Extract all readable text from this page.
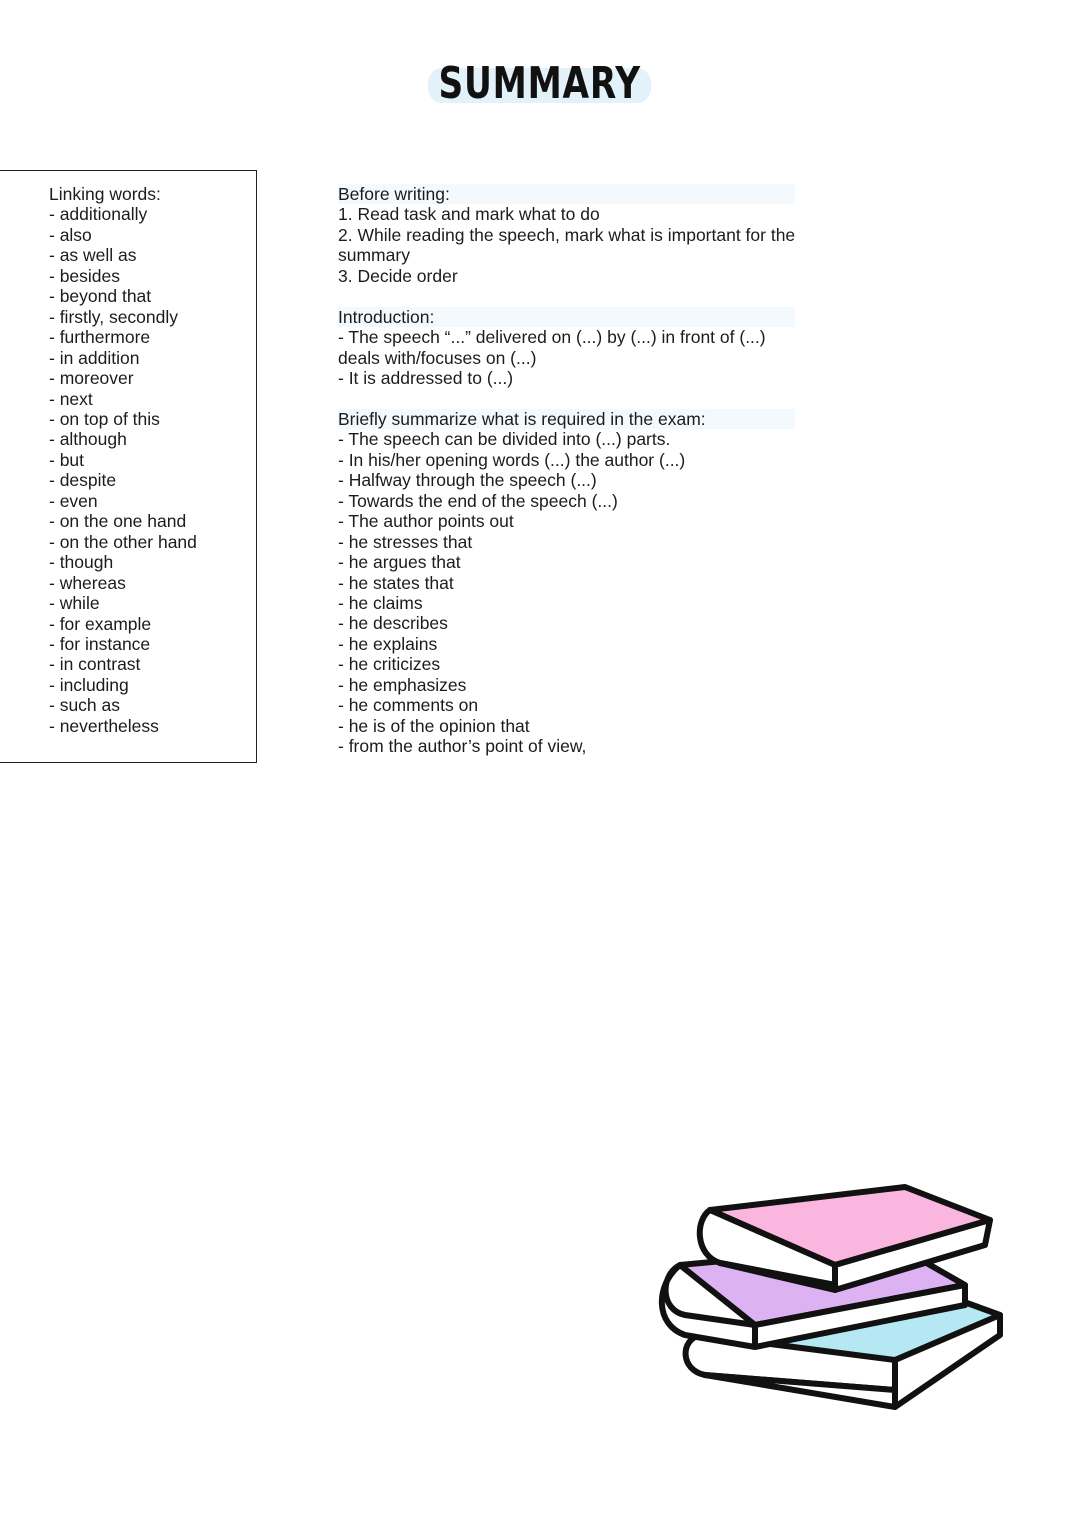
SUMMARY
Linking words:
- additionally
- also
- as well as
- besides
- beyond that
- firstly, secondly
- furthermore
- in addition
- moreover
- next
- on top of this
- although
- but
- despite
- even
- on the one hand
- on the other hand
- though
- whereas
- while
- for example
- for instance
- in contrast
- including
- such as
- nevertheless
Before writing:
1. Read task and mark what to do
2. While reading the speech, mark what is important for the
summary
3. Decide order
Introduction:
- The speech “...” delivered on (...) by (...) in front of (...)
deals with/focuses on (...)
- It is addressed to (...)
Briefly summarize what is required in the exam:
- The speech can be divided into (...) parts.
- In his/her opening words (...) the author (...)
- Halfway through the speech (...)
- Towards the end of the speech (...)
- The author points out
- he stresses that
- he argues that
- he states that
- he claims
- he describes
- he explains
- he criticizes
- he emphasizes
- he comments on
- he is of the opinion that
- from the author’s point of view,
